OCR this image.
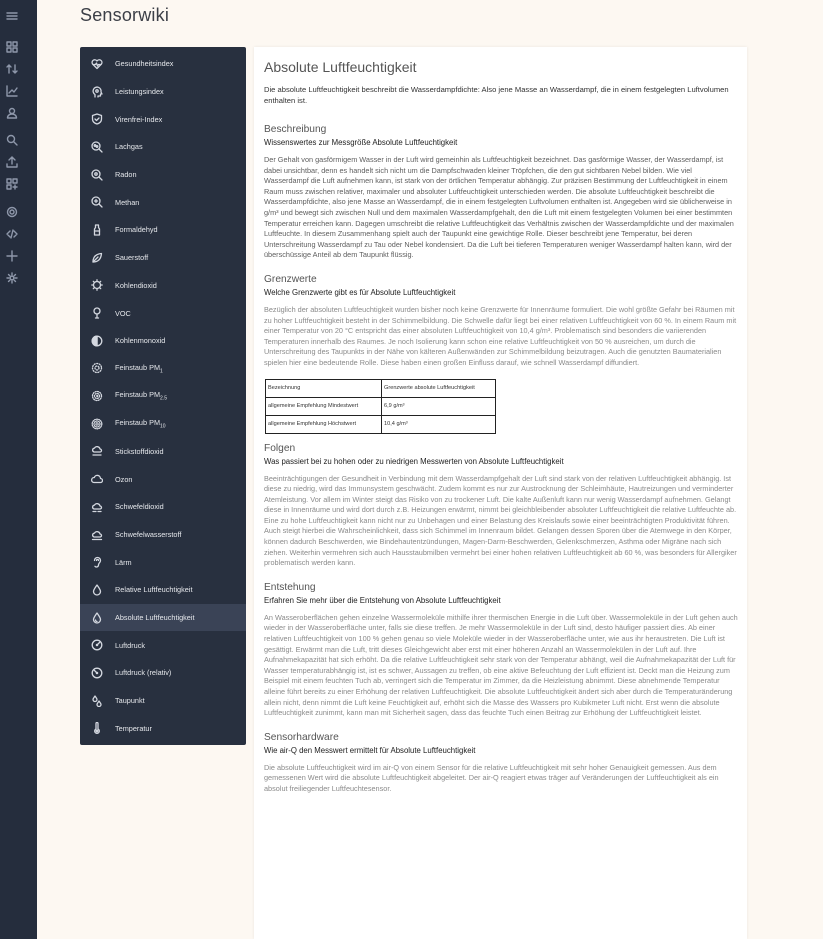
Sensorwiki
Gesundheitsindex
Leistungsindex
Virenfrei-Index
Lachgas
Radon
Methan
Formaldehyd
Sauerstoff
Kohlendioxid
VOC
Kohlenmonoxid
Feinstaub $PM_1$
Feinstaub $PM_{2.5}$
Feinstaub $PM_{10}$
Stickstoffdioxid
Ozon
Schwefeldioxid
Schwefelwasserstoff
Lärm
Relative Luftfeuchtigkeit
Absolute Luftfeuchtigkeit
Luftdruck
Luftdruck (relativ)
Taupunkt
Temperatur
Absolute Luftfeuchtigkeit
Die absolute Luftfeuchtigkeit beschreibt die Wasserdampfdichte: Also jene Masse an Wasserdampf, die in einem festgelegten Luftvolumen enthalten ist.
Beschreibung
Wissenswertes zur Messgröße Absolute Luftfeuchtigkeit

Der Gehalt von gasförmigem Wasser in der Luft wird gemeinhin als Luftfeuchtigkeit bezeichnet. Das gasförmige Wasser, der Wasserdampf, ist dabei unsichtbar, denn es handelt sich nicht um die Dampfschwaden kleiner Tröpfchen, die den gut sichtbaren Nebel bilden. Wie viel Wasserdampf die Luft aufnehmen kann, ist stark von der örtlichen Temperatur abhängig. Zur präzisen Bestimmung der Luftfeuchtigkeit in einem Raum muss zwischen relativer, maximaler und absoluter Luftfeuchtigkeit unterschieden werden. Die absolute Luftfeuchtigkeit beschreibt die Wasserdampfdichte, also jene Masse an Wasserdampf, die in einem festgelegten Luftvolumen enthalten ist. Angegeben wird sie üblicherweise in g/m³ und bewegt sich zwischen Null und dem maximalen Wasserdampfgehalt, den die Luft mit einem festgelegten Volumen bei einer bestimmten Temperatur erreichen kann. Dagegen umschreibt die relative Luftfeuchtigkeit das Verhältnis zwischen der Wasserdampfdichte und der maximalen Luftfeuchte. In diesem Zusammenhang spielt auch der Taupunkt eine gewichtige Rolle. Dieser beschreibt jene Temperatur, bei deren Unterschreitung Wasserdampf zu Tau oder Nebel kondensiert. Da die Luft bei tieferen Temperaturen weniger Wasserdampf halten kann, wird der überschüssige Anteil ab dem Taupunkt flüssig.

Grenzwerte
Welche Grenzwerte gibt es für Absolute Luftfeuchtigkeit

Bezüglich der absoluten Luftfeuchtigkeit wurden bisher noch keine Grenzwerte für Innenräume formuliert. Die wohl größte Gefahr bei Räumen mit zu hoher Luftfeuchtigkeit besteht in der Schimmelbildung. Die Schwelle dafür liegt bei einer relativen Luftfeuchtigkeit von 60 %. In einem Raum mit einer Temperatur von 20 °C entspricht das einer absoluten Luftfeuchtigkeit von 10,4 g/m³. Problematisch sind besonders die variierenden Temperaturen innerhalb des Raumes. Je noch Isolierung kann schon eine relative Luftfeuchtigkeit von 50 % ausreichen, um durch die Unterschreitung des Taupunkts in der Nähe von kälteren Außenwänden zur Schimmelbildung beizutragen. Auch die genutzten Baumaterialien spielen hier eine bedeutende Rolle. Diese haben einen großen Einfluss darauf, wie schnell Wasserdampf diffundiert.

Bezeichnung	Grenzwerte absolute Luftfeuchtigkeit
allgemeine Empfehlung Mindestwert	6,9 g/m³
allgemeine Empfehlung Höchstwert	10,4 g/m³
Folgen
Was passiert bei zu hohen oder zu niedrigen Messwerten von Absolute Luftfeuchtigkeit

Beeinträchtigungen der Gesundheit in Verbindung mit dem Wasserdampfgehalt der Luft sind stark von der relativen Luftfeuchtigkeit abhängig. Ist diese zu niedrig, wird das Immunsystem geschwächt. Zudem kommt es nur zur Austrocknung der Schleimhäute, Hautreizungen und verminderter Atemleistung. Vor allem im Winter steigt das Risiko von zu trockener Luft. Die kalte Außenluft kann nur wenig Wasserdampf aufnehmen. Gelangt diese in Innenräume und wird dort durch z.B. Heizungen erwärmt, nimmt bei gleichbleibender absoluter Luftfeuchtigkeit die relative Luftfeuchte ab. Eine zu hohe Luftfeuchtigkeit kann nicht nur zu Unbehagen und einer Belastung des Kreislaufs sowie einer beeinträchtigten Produktivität führen. Auch steigt hierbei die Wahrscheinlichkeit, dass sich Schimmel im Innenraum bildet. Gelangen dessen Sporen über die Atemwege in den Körper, können dadurch Beschwerden, wie Bindehautentzündungen, Magen-Darm-Beschwerden, Gelenkschmerzen, Asthma oder Migräne nach sich ziehen. Weiterhin vermehren sich auch Hausstaubmilben vermehrt bei einer hohen relativen Luftfeuchtigkeit ab 60 %, was besonders für Allergiker problematisch werden kann.

Entstehung
Erfahren Sie mehr über die Entstehung von Absolute Luftfeuchtigkeit

An Wasseroberflächen gehen einzelne Wassermoleküle mithilfe ihrer thermischen Energie in die Luft über. Wassermoleküle in der Luft gehen auch wieder in der Wasseroberfläche unter, falls sie diese treffen. Je mehr Wassermoleküle in der Luft sind, desto häufiger passiert dies. Ab einer relativen Luftfeuchtigkeit von 100 % gehen genau so viele Moleküle wieder in der Wasseroberfläche unter, wie aus ihr heraustreten. Die Luft ist gesättigt. Erwärmt man die Luft, tritt dieses Gleichgewicht aber erst mit einer höheren Anzahl an Wassermolekülen in der Luft auf. Ihre Aufnahmekapazität hat sich erhöht. Da die relative Luftfeuchtigkeit sehr stark von der Temperatur abhängt, weil die Aufnahmekapazität der Luft für Wasser temperaturabhängig ist, ist es schwer, Aussagen zu treffen, ob eine aktive Befeuchtung der Luft effizient ist. Deckt man die Heizung zum Beispiel mit einem feuchten Tuch ab, verringert sich die Temperatur im Zimmer, da die Heizleistung abnimmt. Diese abnehmende Temperatur alleine führt bereits zu einer Erhöhung der relativen Luftfeuchtigkeit. Die absolute Luftfeuchtigkeit ändert sich aber durch die Temperaturänderung allein nicht, denn nimmt die Luft keine Feuchtigkeit auf, erhöht sich die Masse des Wassers pro Kubikmeter Luft nicht. Erst wenn die absolute Luftfeuchtigkeit zunimmt, kann man mit Sicherheit sagen, dass das feuchte Tuch einen Beitrag zur Erhöhung der Luftfeuchtigkeit leistet.

Sensorhardware
Wie air-Q den Messwert ermittelt für Absolute Luftfeuchtigkeit

Die absolute Luftfeuchtigkeit wird im air-Q von einem Sensor für die relative Luftfeuchtigkeit mit sehr hoher Genauigkeit gemessen. Aus dem gemessenen Wert wird die absolute Luftfeuchtigkeit abgeleitet. Der air-Q reagiert etwas träger auf Veränderungen der Luftfeuchtigkeit als ein absolut freiliegender Luftfeuchtesensor.
